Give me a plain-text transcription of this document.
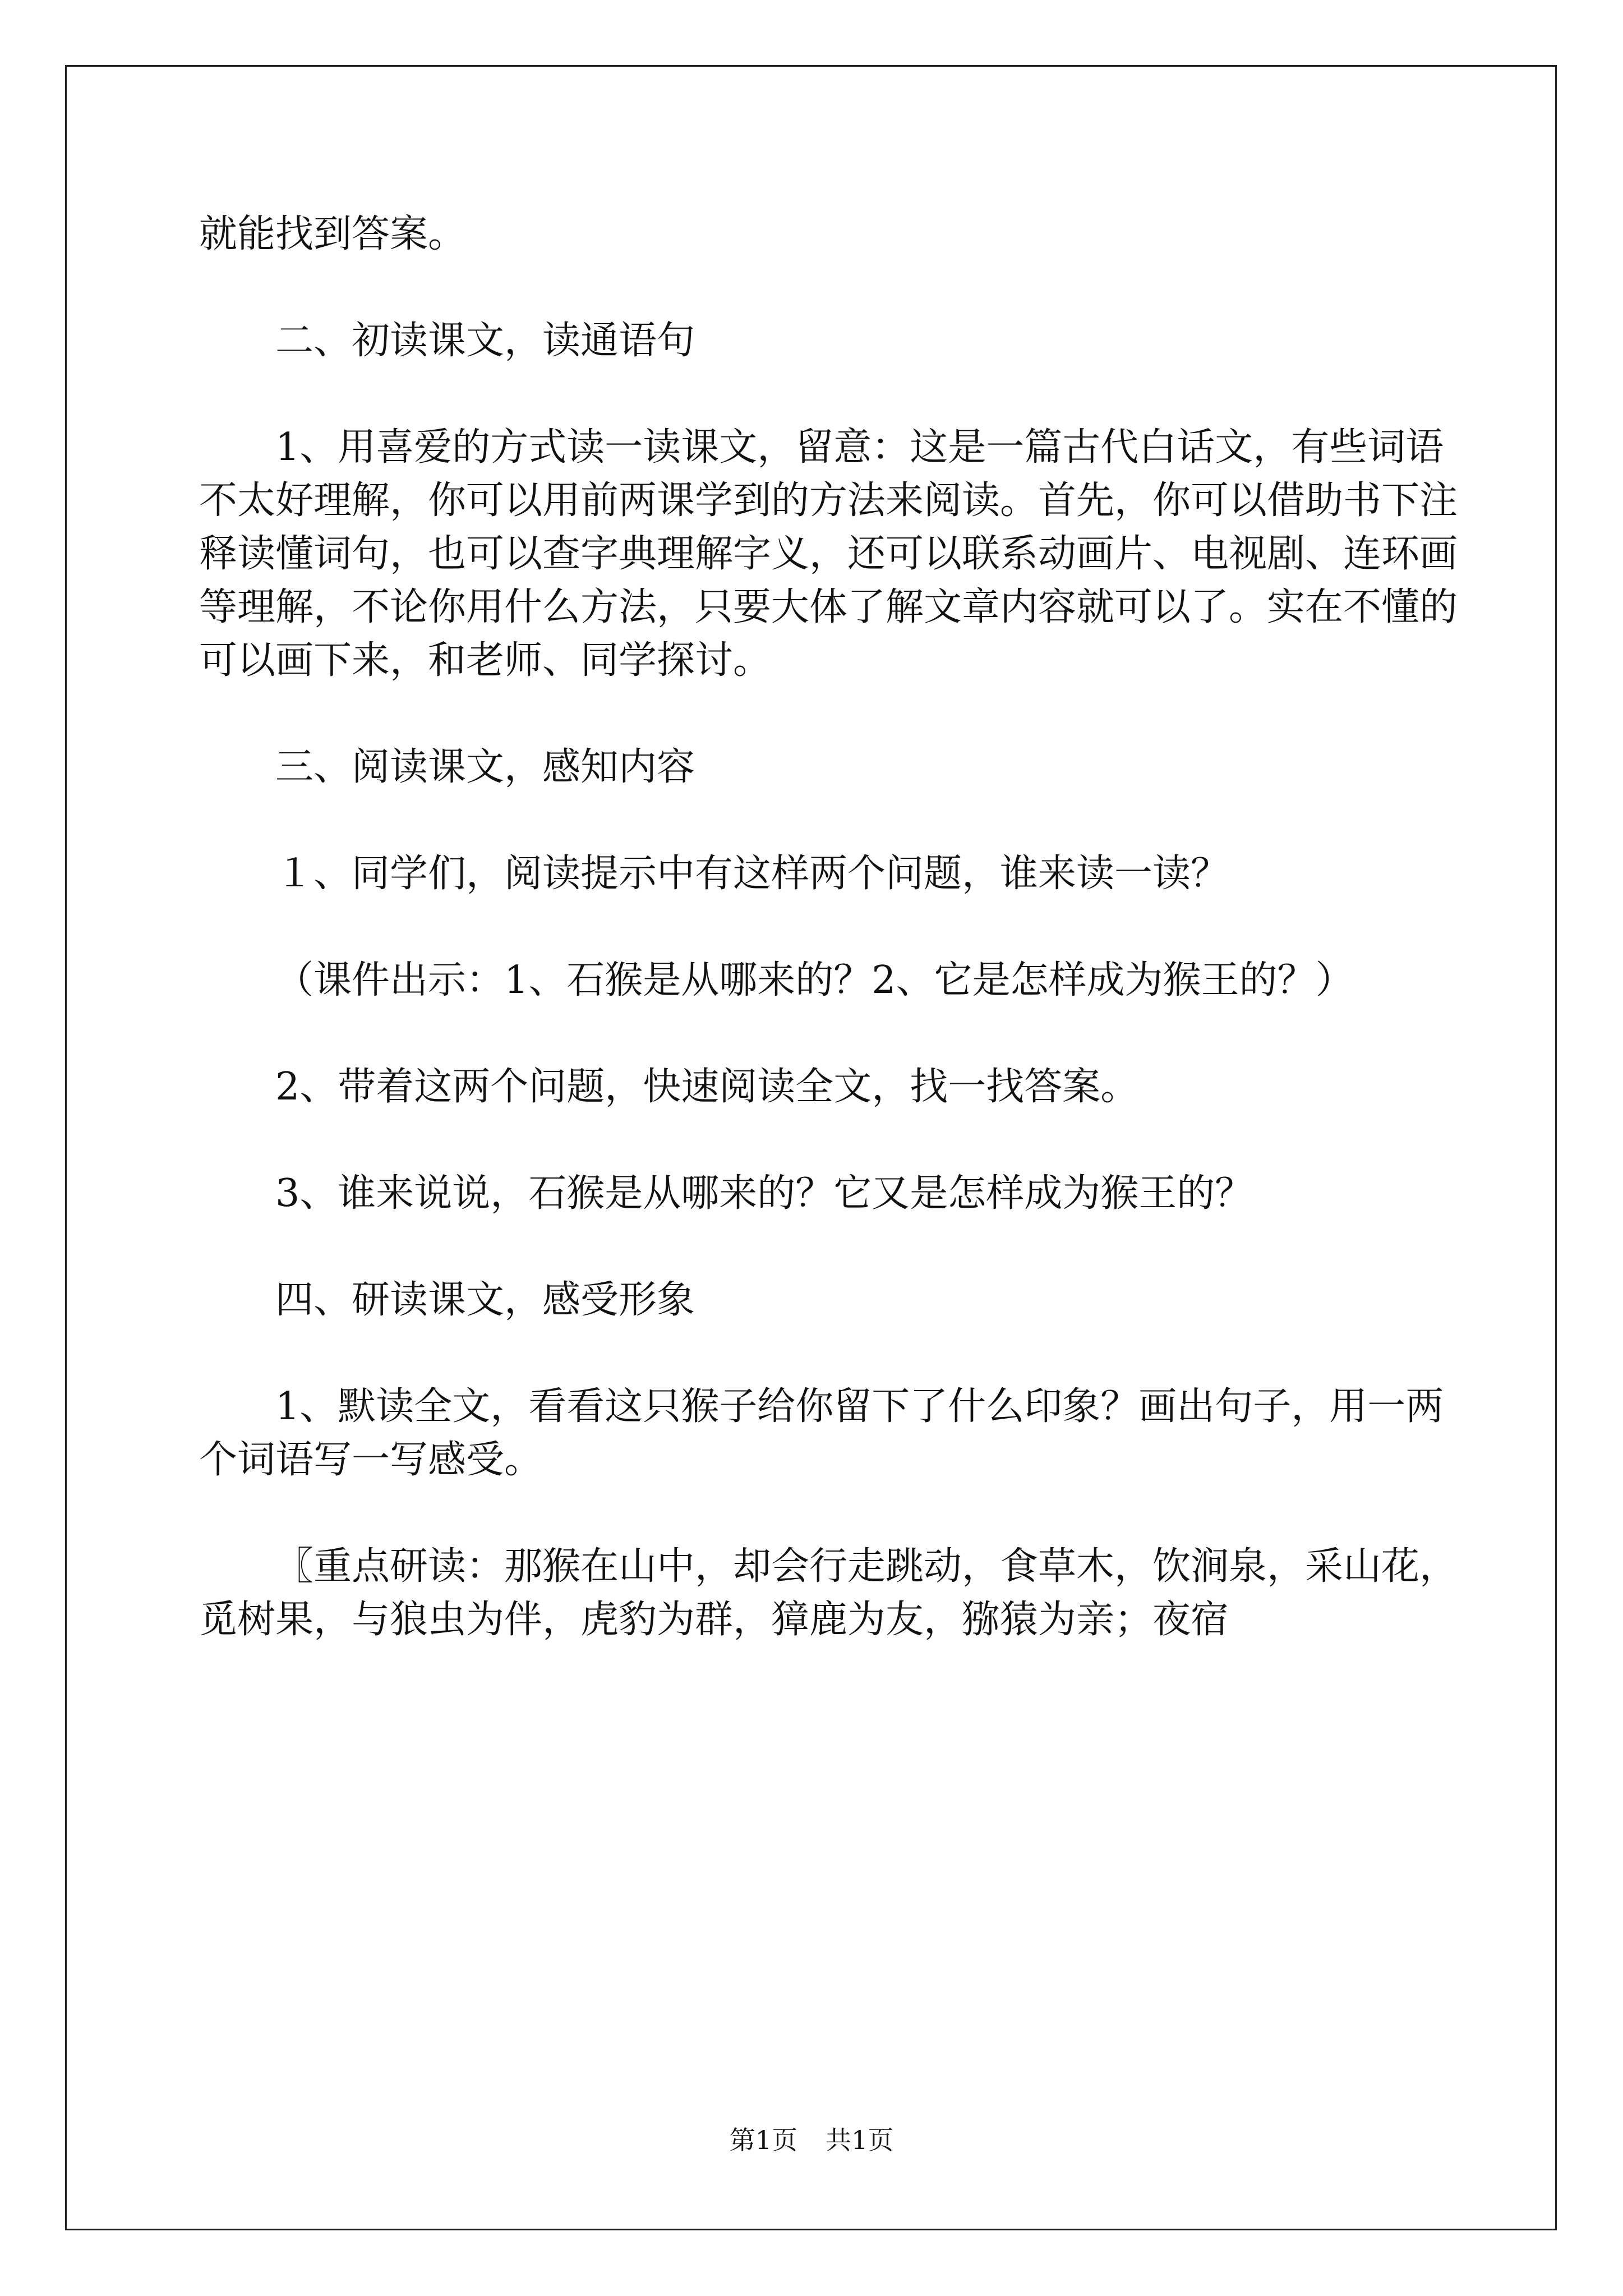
就能找到答案。

二、初读课文，读通语句

1、用喜爱的方式读一读课文，留意：这是一篇古代白话文，有些词语不太好理解，你可以用前两课学到的方法来阅读。首先，你可以借助书下注释读懂词句，也可以查字典理解字义，还可以联系动画片、电视剧、连环画等理解，不论你用什么方法，只要大体了解文章内容就可以了。实在不懂的可以画下来，和老师、同学探讨。

三、阅读课文，感知内容

１、同学们，阅读提示中有这样两个问题，谁来读一读？

（课件出示：1、石猴是从哪来的？2、它是怎样成为猴王的？）

2、带着这两个问题，快速阅读全文，找一找答案。

3、谁来说说，石猴是从哪来的？它又是怎样成为猴王的？

四、研读课文，感受形象

1、默读全文，看看这只猴子给你留下了什么印象？画出句子，用一两个词语写一写感受。

〖重点研读：那猴在山中，却会行走跳动，食草木，饮涧泉，采山花，觅树果，与狼虫为伴，虎豹为群，獐鹿为友，猕猿为亲；夜宿

第1页 共1页
